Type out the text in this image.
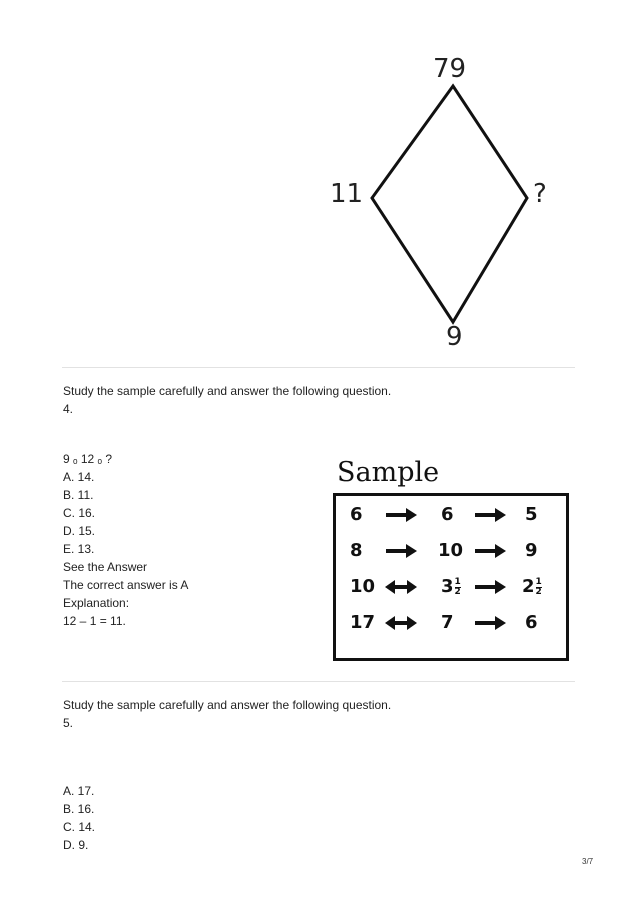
79
11	?
9
Study the sample carefully and answer the following question.
4.
9 ₒ 12 ₒ ?
A. 14.
B. 11.
C. 16.
D. 15.
E. 13.
See the Answer
The correct answer is A
Explanation:
12 – 1 = 11.
Sample
6	6	5
8	10	9
10	$3 \frac{1}{2}$	$2 \frac{1}{2}$
17	7	6
Study the sample carefully and answer the following question.
5.
A. 17.
B. 16.
C. 14.
D. 9.
3/7
